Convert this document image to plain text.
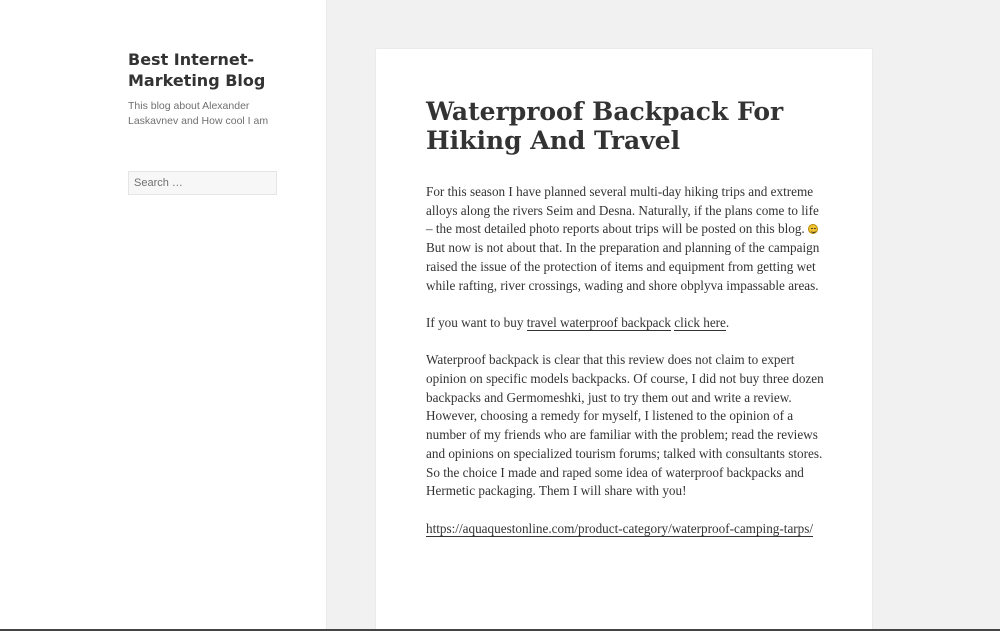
Best Internet-Marketing Blog
This blog about Alexander Laskavnev and How cool I am
Search …
Waterproof Backpack For Hiking And Travel

For this season I have planned several multi-day hiking trips and extreme alloys along the rivers Seim and Desna. Naturally, if the plans come to life – the most detailed photo reports about trips will be posted on this blog.  But now is not about that. In the preparation and planning of the campaign raised the issue of the protection of items and equipment from getting wet while rafting, river crossings, wading and shore obplyva impassable areas.

If you want to buy travel waterproof backpack click here.

Waterproof backpack is clear that this review does not claim to expert opinion on specific models backpacks. Of course, I did not buy three dozen backpacks and Germomeshki, just to try them out and write a review. However, choosing a remedy for myself, I listened to the opinion of a number of my friends who are familiar with the problem; read the reviews and opinions on specialized tourism forums; talked with consultants stores. So the choice I made and raped some idea of waterproof backpacks and Hermetic packaging. Them I will share with you!

https://aquaquestonline.com/product-category/waterproof-camping-tarps/
